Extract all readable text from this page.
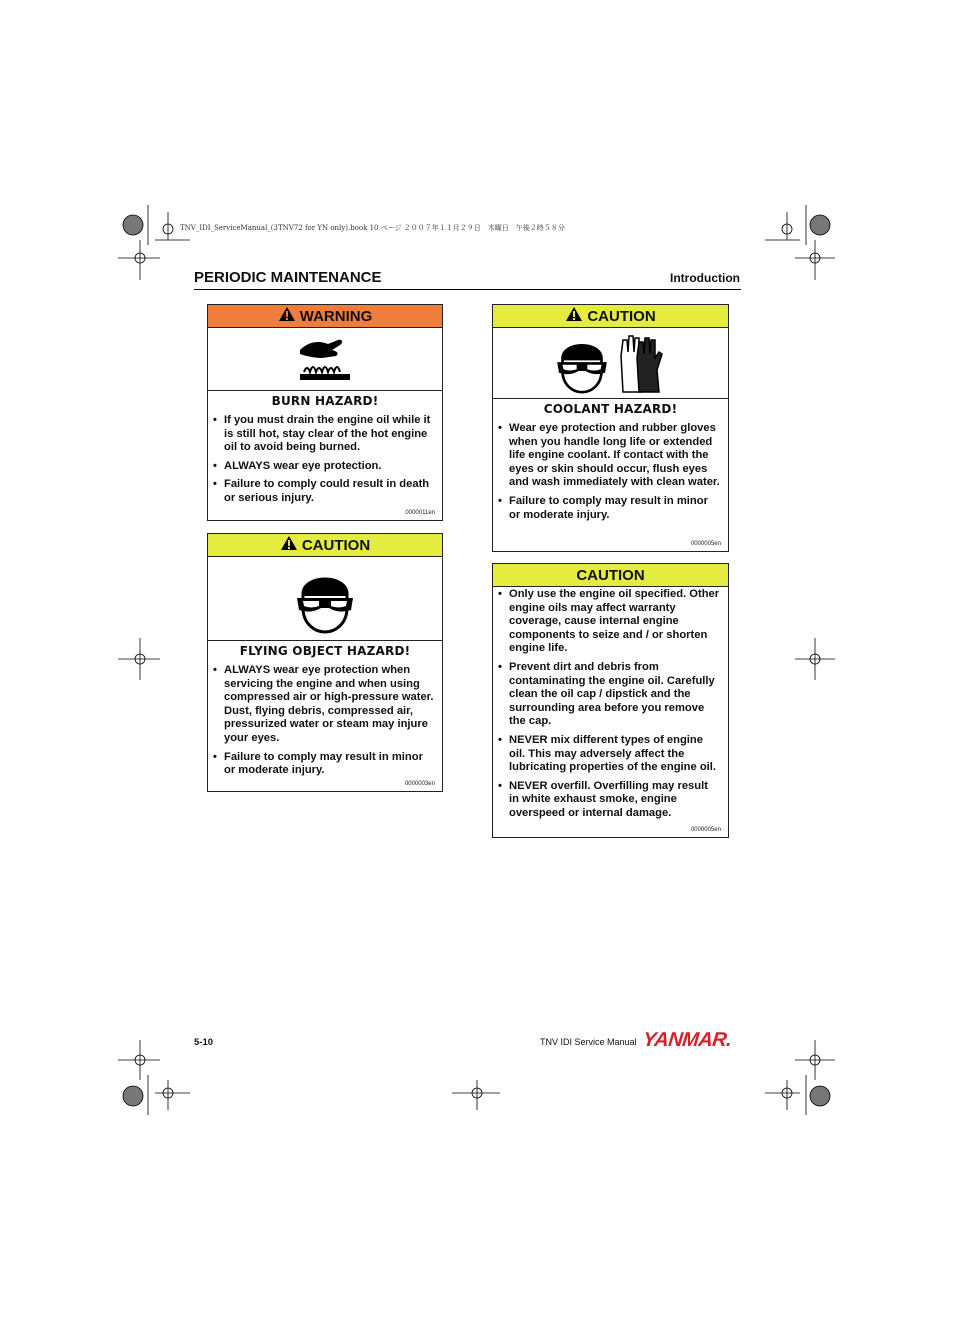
TNV_IDI_ServiceManual_(3TNV72 for YN only).book 10 ページ ２００７年１１月２９日　木曜日　午後２時５８分
PERIODIC MAINTENANCE	Introduction
WARNING
BURN HAZARD!
• If you must drain the engine oil while it is still hot, stay clear of the hot engine oil to avoid being burned.
• ALWAYS wear eye protection.
• Failure to comply could result in death or serious injury.
0000011en
CAUTION
FLYING OBJECT HAZARD!
• ALWAYS wear eye protection when servicing the engine and when using compressed air or high-pressure water. Dust, flying debris, compressed air, pressurized water or steam may injure your eyes.
• Failure to comply may result in minor or moderate injury.
0000003en
CAUTION
COOLANT HAZARD!
• Wear eye protection and rubber gloves when you handle long life or extended life engine coolant. If contact with the eyes or skin should occur, flush eyes and wash immediately with clean water.
• Failure to comply may result in minor or moderate injury.
0000005en
CAUTION
• Only use the engine oil specified. Other engine oils may affect warranty coverage, cause internal engine components to seize and / or shorten engine life.
• Prevent dirt and debris from contaminating the engine oil. Carefully clean the oil cap / dipstick and the surrounding area before you remove the cap.
• NEVER mix different types of engine oil. This may adversely affect the lubricating properties of the engine oil.
• NEVER overfill. Overfilling may result in white exhaust smoke, engine overspeed or internal damage.
0000005en
5-10	TNV IDI Service Manual YANMAR.
